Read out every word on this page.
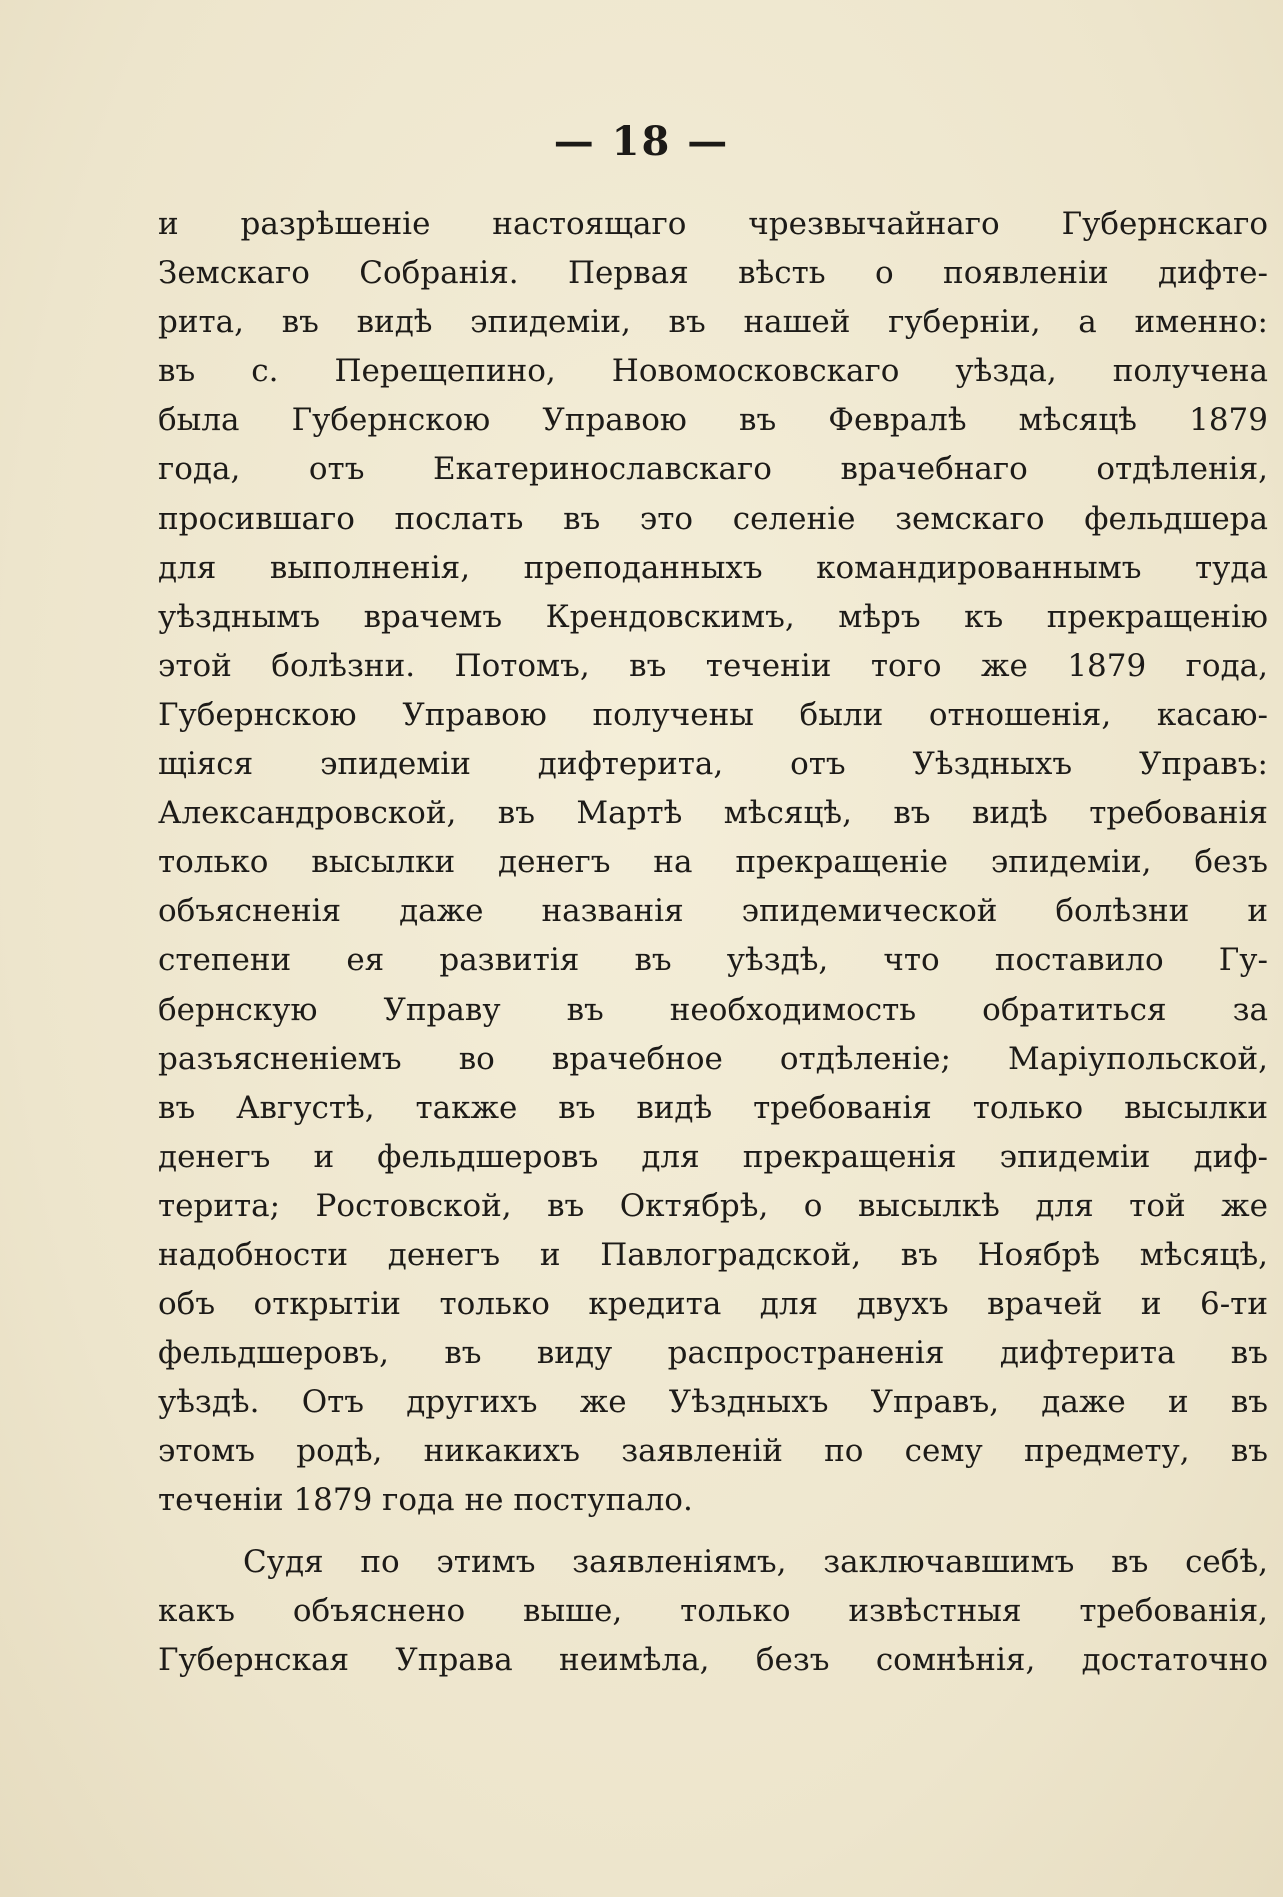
— 18 —
и разрѣшеніе настоящаго чрезвычайнаго Губернскаго
Земскаго Собранія. Первая вѣсть о появленіи дифте-
рита, въ видѣ эпидеміи, въ нашей губерніи, а именно:
въ с. Перещепино, Новомосковскаго уѣзда, получена
была Губернскою Управою въ Февралѣ мѣсяцѣ 1879
года, отъ Екатеринославскаго врачебнаго отдѣленія,
просившаго послать въ это селеніе земскаго фельдшера
для выполненія, преподанныхъ командированнымъ туда
уѣзднымъ врачемъ Крендовскимъ, мѣръ къ прекращенію
этой болѣзни. Потомъ, въ теченіи того же 1879 года,
Губернскою Управою получены были отношенія, касаю-
щіяся эпидеміи дифтерита, отъ Уѣздныхъ Управъ:
Александровской, въ Мартѣ мѣсяцѣ, въ видѣ требованія
только высылки денегъ на прекращеніе эпидеміи, безъ
объясненія даже названія эпидемической болѣзни и
степени ея развитія въ уѣздѣ, что поставило Гу-
бернскую Управу въ необходимость обратиться за
разъясненіемъ во врачебное отдѣленіе; Маріупольской,
въ Августѣ, также въ видѣ требованія только высылки
денегъ и фельдшеровъ для прекращенія эпидеміи диф-
терита; Ростовской, въ Октябрѣ, о высылкѣ для той же
надобности денегъ и Павлоградской, въ Ноябрѣ мѣсяцѣ,
объ открытіи только кредита для двухъ врачей и 6-ти
фельдшеровъ, въ виду распространенія дифтерита въ
уѣздѣ. Отъ другихъ же Уѣздныхъ Управъ, даже и въ
этомъ родѣ, никакихъ заявленій по сему предмету, въ
теченіи 1879 года не поступало.
Судя по этимъ заявленіямъ, заключавшимъ въ себѣ,
какъ объяснено выше, только извѣстныя требованія,
Губернская Управа неимѣла, безъ сомнѣнія, достаточно
